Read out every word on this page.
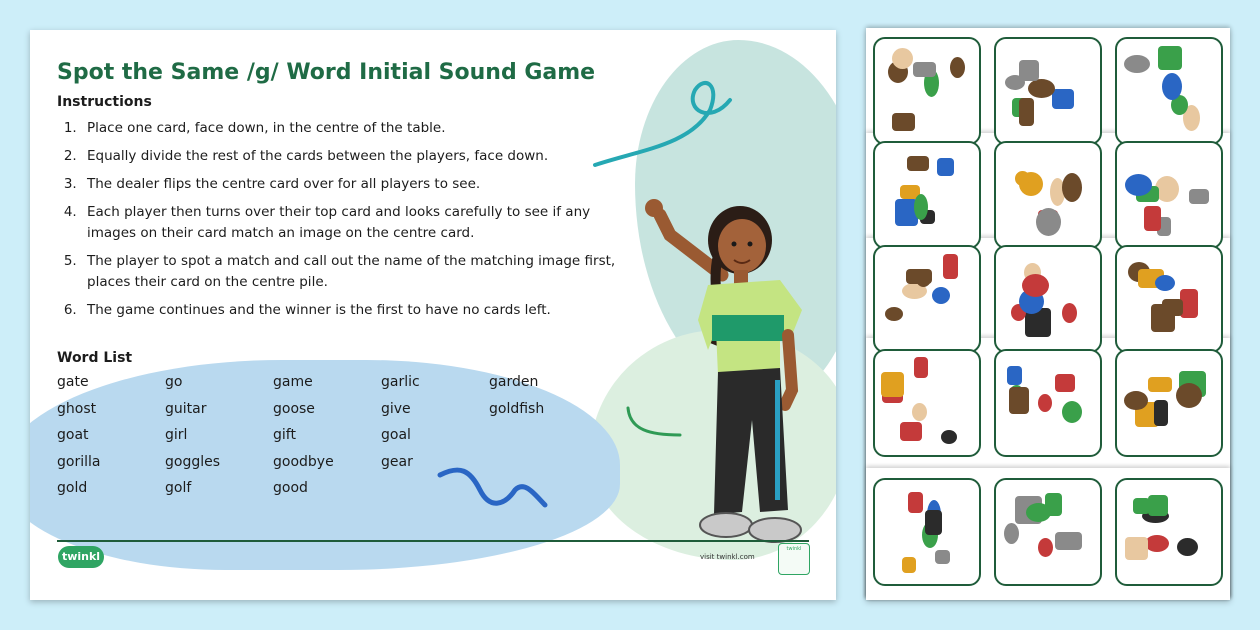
Spot the Same /g/ Word Initial Sound Game
Instructions
1. Place one card, face down, in the centre of the table.
2. Equally divide the rest of the cards between the players, face down.
3. The dealer flips the centre card over for all players to see.
4. Each player then turns over their top card and looks carefully to see if any images on their card match an image on the centre card.
5. The player to spot a match and call out the name of the matching image first, places their card on the centre pile.
6. The game continues and the winner is the first to have no cards left.
Word List
gate	go	game	garlic	garden
ghost	guitar	goose	give	goldfish
goat	girl	gift	goal
gorilla	goggles	goodbye	gear
gold	golf	good
twinkl	visit twinkl.com
twinkl
